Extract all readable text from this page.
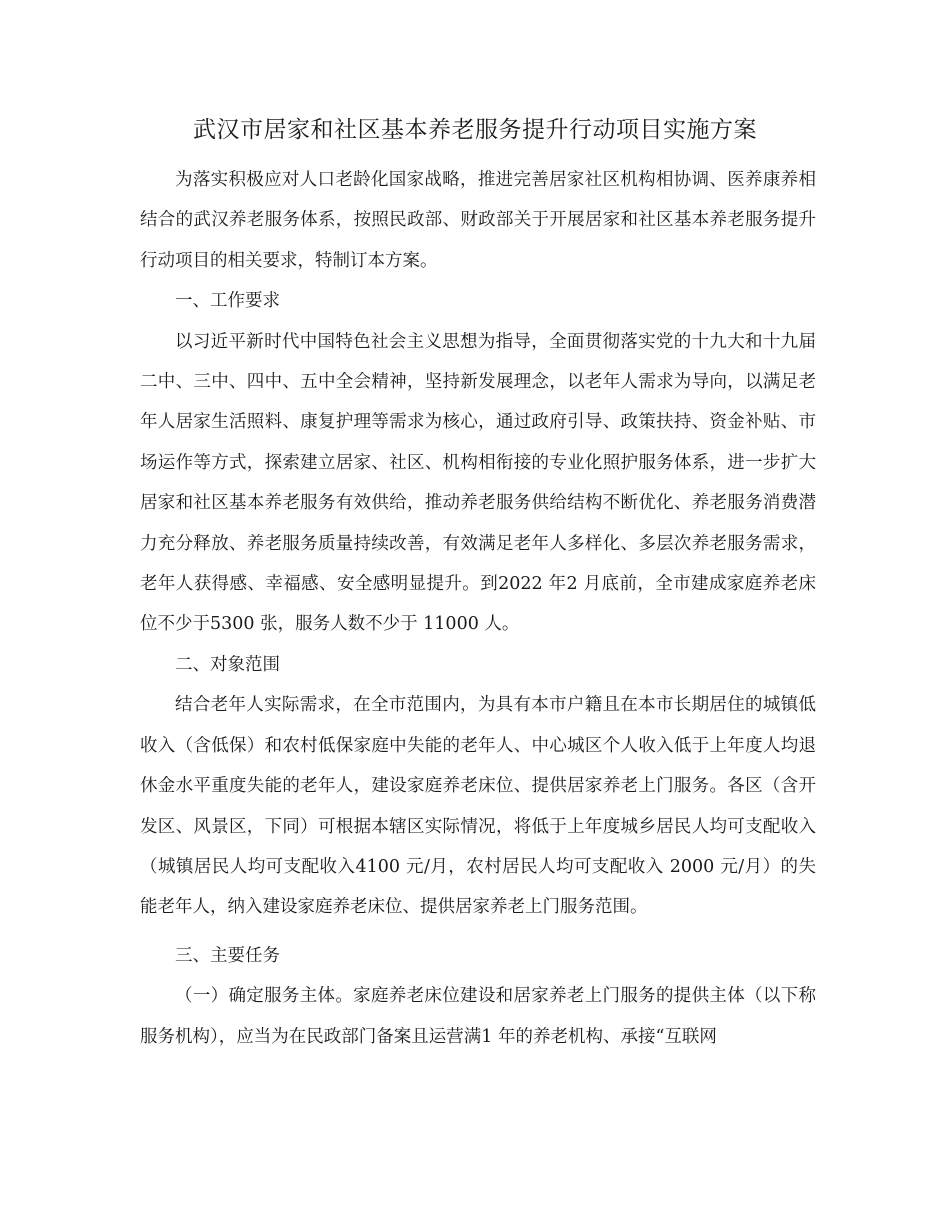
武汉市居家和社区基本养老服务提升行动项目实施方案

为落实积极应对人口老龄化国家战略，推进完善居家社区机构相协调、医养康养相结合的武汉养老服务体系，按照民政部、财政部关于开展居家和社区基本养老服务提升行动项目的相关要求，特制订本方案。

一、工作要求

以习近平新时代中国特色社会主义思想为指导，全面贯彻落实党的十九大和十九届二中、三中、四中、五中全会精神，坚持新发展理念，以老年人需求为导向，以满足老年人居家生活照料、康复护理等需求为核心，通过政府引导、政策扶持、资金补贴、市场运作等方式，探索建立居家、社区、机构相衔接的专业化照护服务体系，进一步扩大居家和社区基本养老服务有效供给，推动养老服务供给结构不断优化、养老服务消费潜力充分释放、养老服务质量持续改善，有效满足老年人多样化、多层次养老服务需求，老年人获得感、幸福感、安全感明显提升。到2022 年2 月底前，全市建成家庭养老床位不少于5300 张，服务人数不少于 11000 人。

二、对象范围

结合老年人实际需求，在全市范围内，为具有本市户籍且在本市长期居住的城镇低收入（含低保）和农村低保家庭中失能的老年人、中心城区个人收入低于上年度人均退休金水平重度失能的老年人，建设家庭养老床位、提供居家养老上门服务。各区（含开发区、风景区，下同）可根据本辖区实际情况，将低于上年度城乡居民人均可支配收入（城镇居民人均可支配收入4100 元/月，农村居民人均可支配收入 2000 元/月）的失能老年人，纳入建设家庭养老床位、提供居家养老上门服务范围。

三、主要任务

（一）确定服务主体。家庭养老床位建设和居家养老上门服务的提供主体（以下称服务机构），应当为在民政部门备案且运营满1 年的养老机构、承接“互联网
